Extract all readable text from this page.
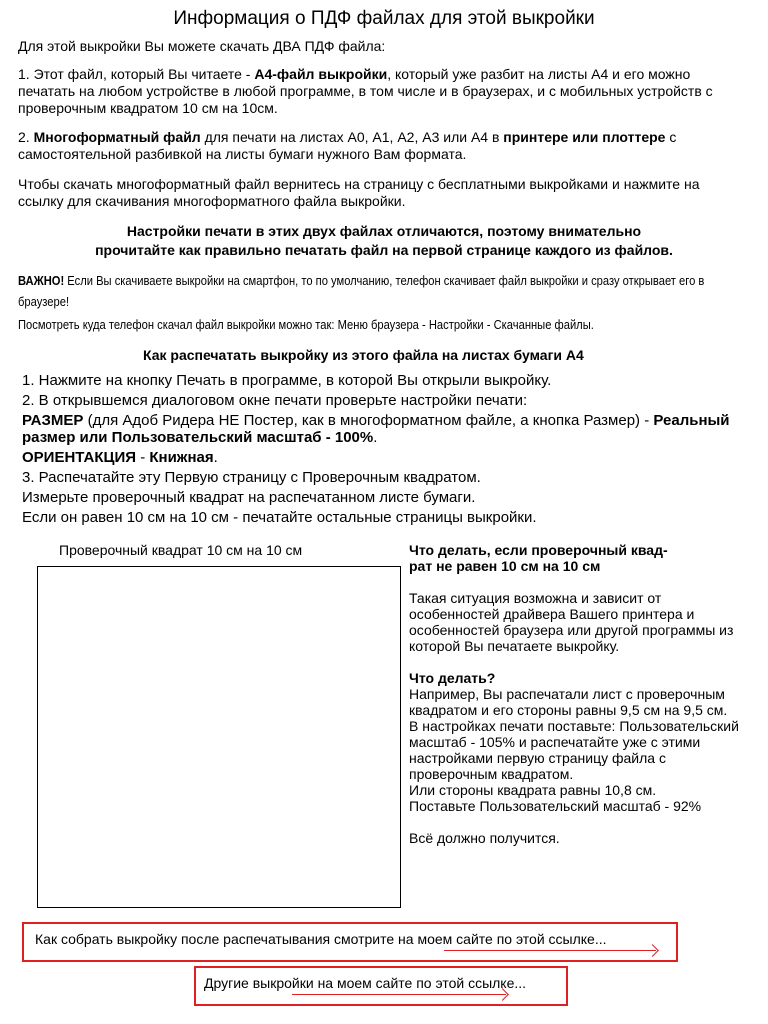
Информация о ПДФ файлах для этой выкройки
Для этой выкройки Вы можете скачать ДВА ПДФ файла:
1. Этот файл, который Вы читаете - А4-файл выкройки, который уже разбит на листы А4 и его можно печатать на любом устройстве в любой программе, в том числе и в браузерах, и с мобильных устройств с проверочным квадратом 10 см на 10см.
2. Многоформатный файл для печати на листах А0, А1, А2, А3 или А4 в принтере или плоттере с самостоятельной разбивкой на листы бумаги нужного Вам формата.
Чтобы скачать многоформатный файл вернитесь на страницу с бесплатными выкройками и нажмите на ссылку для скачивания многоформатного файла выкройки.
Настройки печати в этих двух файлах отличаются, поэтому внимательно
прочитайте как правильно печатать файл на первой странице каждого из файлов.
ВАЖНО! Если Вы скачиваете выкройки на смартфон, то по умолчанию, телефон скачивает файл выкройки и сразу открывает его в браузере!
Посмотреть куда телефон скачал файл выкройки можно так: Меню браузера - Настройки - Скачанные файлы.
Как распечатать выкройку из этого файла на листах бумаги А4
1. Нажмите на кнопку Печать в программе, в которой Вы открыли выкройку.
2. В открывшемся диалоговом окне печати проверьте настройки печати:
РАЗМЕР (для Адоб Ридера НЕ Постер, как в многоформатном файле, а кнопка Размер) - Реальный размер или Пользовательский масштаб - 100%.
ОРИЕНТАКЦИЯ - Книжная.
3. Распечатайте эту Первую страницу с Проверочным квадратом.
Измерьте проверочный квадрат на распечатанном листе бумаги.
Если он равен 10 см на 10 см - печатайте остальные страницы выкройки.
Проверочный квадрат 10 см на 10 см	Что делать, если проверочный квад-
рат не равен 10 см на 10 см
Такая ситуация возможна и зависит от особенностей драйвера Вашего принтера и особенностей браузера или другой программы из которой Вы печатаете выкройку.
Что делать?
Например, Вы распечатали лист с проверочным квадратом и его стороны равны 9,5 см на 9,5 см.
В настройках печати поставьте: Пользовательский масштаб - 105% и распечатайте уже с этими настройками первую страницу файла с проверочным квадратом.
Или стороны квадрата равны 10,8 см.
Поставьте Пользовательский масштаб - 92%
Всё должно получится.
Как собрать выкройку после распечатывания смотрите на моем сайте по этой ссылке...
Другие выкройки на моем сайте по этой ссылке...
